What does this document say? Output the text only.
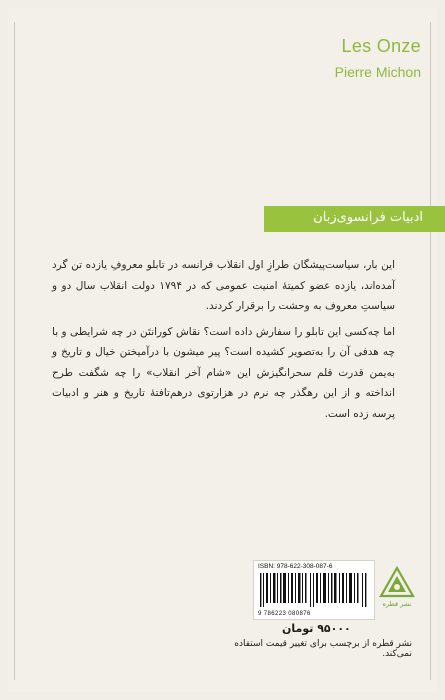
Les Onze
Pierre Michon
ادبیات فرانسوی‌زبان

این بار، سیاست‌پیشگان طرازِ اول انقلاب فرانسه در تابلو معروفِ یازده تن گرد آمده‌اند، یازده عضو کمیتهٔ امنیت عمومی که در ۱۷۹۴ دولت انقلاب سال دو و سیاستِ معروف به وحشت را برقرار کردند.

اما چه‌کسی این تابلو را سفارش داده است؟ نقاش کورانتَن در چه شرایطی و با چه هدفی آن را به‌تصویر کشیده است؟ پیر میشون با درآمیختن خیال و تاریخ و به‌یمن قدرت قلم سحرانگیزش این «شام آخر انقلاب» را چه شگفت طرح انداخته و از این رهگذر چه نرم در هزارتوی درهم‌تافتهٔ تاریخ و هنر و ادبیات پرسه زده است.

ISBN: 978-622-308-087-6
9 786223 080876
نشر قطره
۹۵۰۰۰ تومان
نشر قطره از برچسب برای تغییر قیمت استفاده نمی‌کند.
